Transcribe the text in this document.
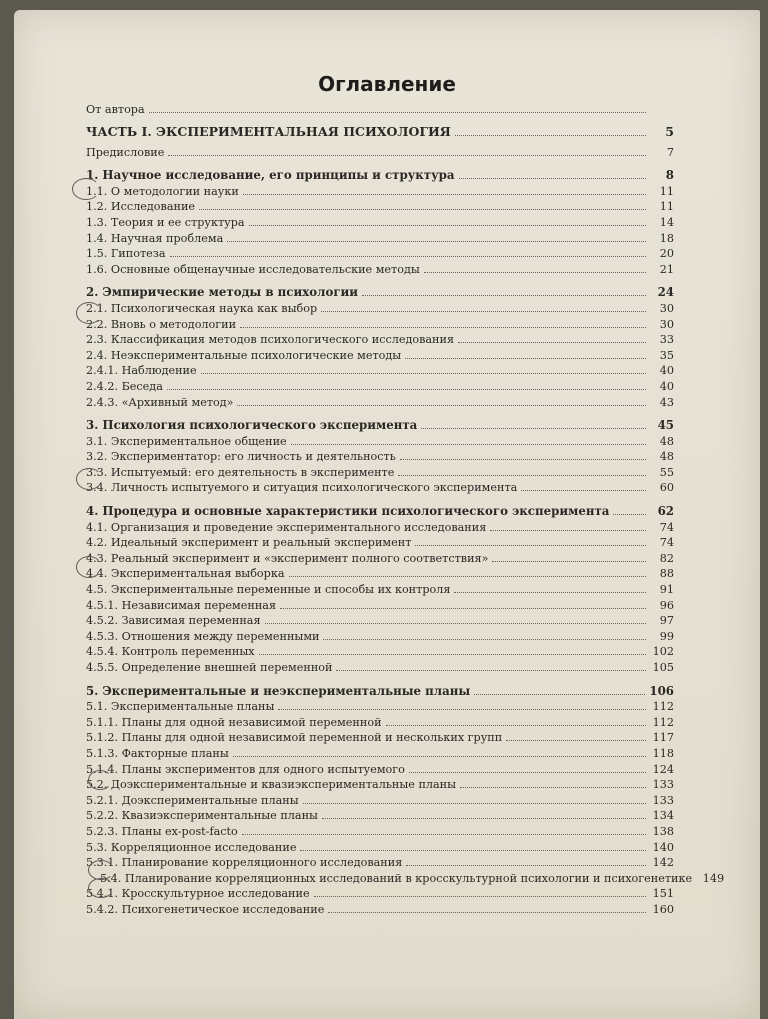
Оглавление
От автора
ЧАСТЬ I. ЭКСПЕРИМЕНТАЛЬНАЯ ПСИХОЛОГИЯ	5
Предисловие	7
1. Научное исследование, его принципы и структура	8
1.1. О методологии науки	11
1.2. Исследование	11
1.3. Теория и ее структура	14
1.4. Научная проблема	18
1.5. Гипотеза	20
1.6. Основные общенаучные исследовательские методы	21
2. Эмпирические методы в психологии	24
2.1. Психологическая наука как выбор	30
2.2. Вновь о методологии	30
2.3. Классификация методов психологического исследования	33
2.4. Неэкспериментальные психологические методы	35
2.4.1. Наблюдение	40
2.4.2. Беседа	40
2.4.3. «Архивный метод»	43
3. Психология психологического эксперимента	45
3.1. Экспериментальное общение	48
3.2. Экспериментатор: его личность и деятельность	48
3.3. Испытуемый: его деятельность в эксперименте	55
3.4. Личность испытуемого и ситуация психологического эксперимента	60
4. Процедура и основные характеристики психологического эксперимента	62
4.1. Организация и проведение экспериментального исследования	74
4.2. Идеальный эксперимент и реальный эксперимент	74
4.3. Реальный эксперимент и «эксперимент полного соответствия»	82
4.4. Экспериментальная выборка	88
4.5. Экспериментальные переменные и способы их контроля	91
4.5.1. Независимая переменная	96
4.5.2. Зависимая переменная	97
4.5.3. Отношения между переменными	99
4.5.4. Контроль переменных	102
4.5.5. Определение внешней переменной	105
5. Экспериментальные и неэкспериментальные планы	106
5.1. Экспериментальные планы	112
5.1.1. Планы для одной независимой переменной	112
5.1.2. Планы для одной независимой переменной и нескольких групп	117
5.1.3. Факторные планы	118
5.1.4. Планы экспериментов для одного испытуемого	124
5.2. Доэкспериментальные и квазиэкспериментальные планы	133
5.2.1. Доэкспериментальные планы	133
5.2.2. Квазиэкспериментальные планы	134
5.2.3. Планы ex-post-facto	138
5.3. Корреляционное исследование	140
5.3.1. Планирование корреляционного исследования	142
5.4. Планирование корреляционных исследований в кросскультурной психологии и психогенетике 149
5.4.1. Кросскультурное исследование	151
5.4.2. Психогенетическое исследование	160
